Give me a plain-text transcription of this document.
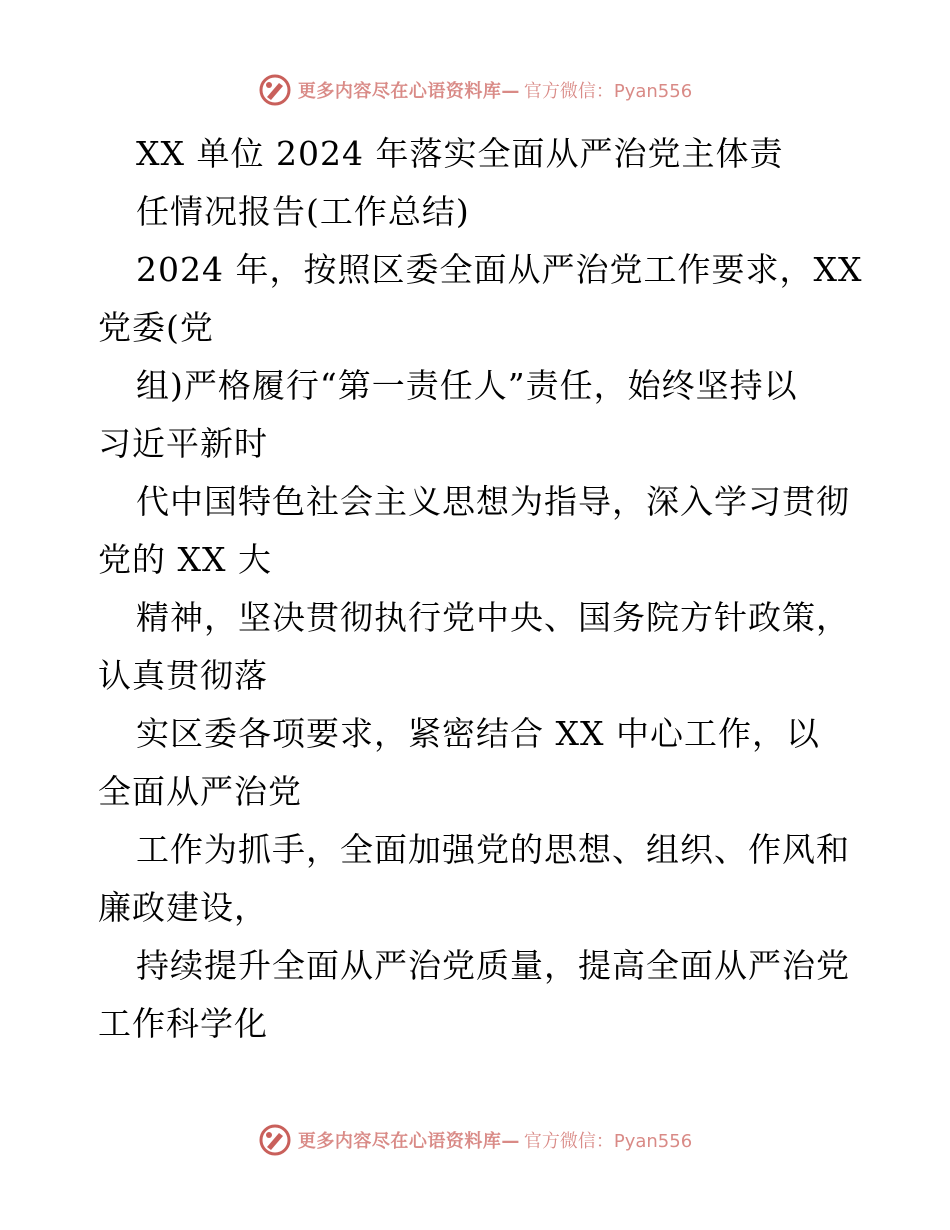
更多内容尽在心语资料库— 官方微信：Pyan556
XX 单位 2024 年落实全面从严治党主体责
任情况报告(工作总结)
2024 年，按照区委全面从严治党工作要求，XX
党委(党
组)严格履行“第一责任人”责任，始终坚持以
习近平新时
代中国特色社会主义思想为指导，深入学习贯彻
党的 XX 大
精神，坚决贯彻执行党中央、国务院方针政策，
认真贯彻落
实区委各项要求，紧密结合 XX 中心工作，以
全面从严治党
工作为抓手，全面加强党的思想、组织、作风和
廉政建设，
持续提升全面从严治党质量，提高全面从严治党
工作科学化
更多内容尽在心语资料库— 官方微信：Pyan556
